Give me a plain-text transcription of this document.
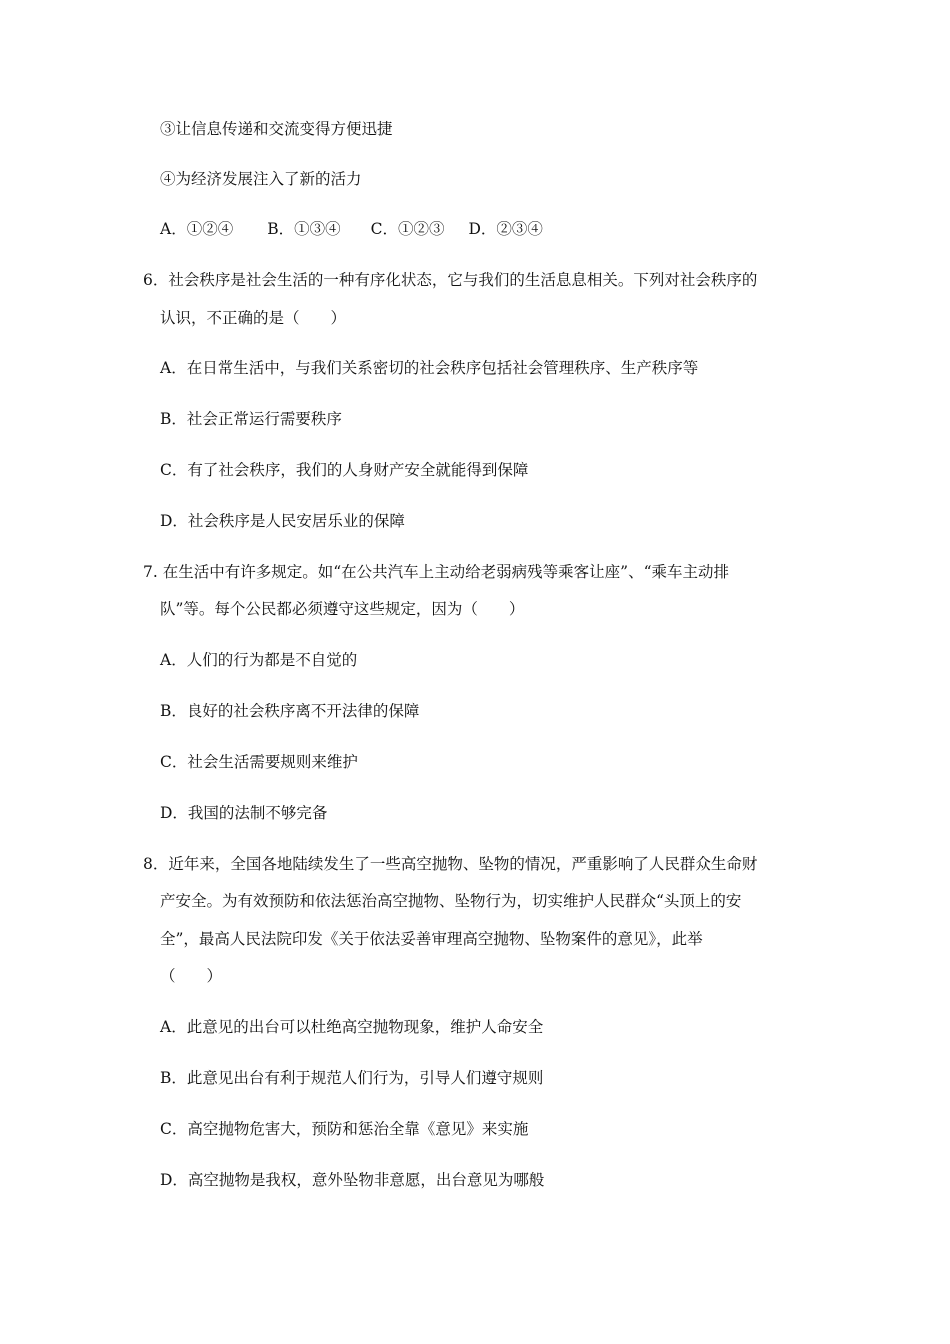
③让信息传递和交流变得方便迅捷
④为经济发展注入了新的活力
A．①②④ B．①③④ C．①②③ D．②③④
6．社会秩序是社会生活的一种有序化状态，它与我们的生活息息相关。下列对社会秩序的
认识，不正确的是（　　）
A．在日常生活中，与我们关系密切的社会秩序包括社会管理秩序、生产秩序等
B．社会正常运行需要秩序
C．有了社会秩序，我们的人身财产安全就能得到保障
D．社会秩序是人民安居乐业的保障
7. 在生活中有许多规定。如“在公共汽车上主动给老弱病残等乘客让座”、“乘车主动排
队”等。每个公民都必须遵守这些规定，因为（　　）
A．人们的行为都是不自觉的
B．良好的社会秩序离不开法律的保障
C．社会生活需要规则来维护
D．我国的法制不够完备
8．近年来，全国各地陆续发生了一些高空抛物、坠物的情况，严重影响了人民群众生命财
产安全。为有效预防和依法惩治高空抛物、坠物行为，切实维护人民群众“头顶上的安
全”，最高人民法院印发《关于依法妥善审理高空抛物、坠物案件的意见》，此举
（　　）
A．此意见的出台可以杜绝高空抛物现象，维护人命安全
B．此意见出台有利于规范人们行为，引导人们遵守规则
C．高空抛物危害大，预防和惩治全靠《意见》来实施
D．高空抛物是我权，意外坠物非意愿，出台意见为哪般
